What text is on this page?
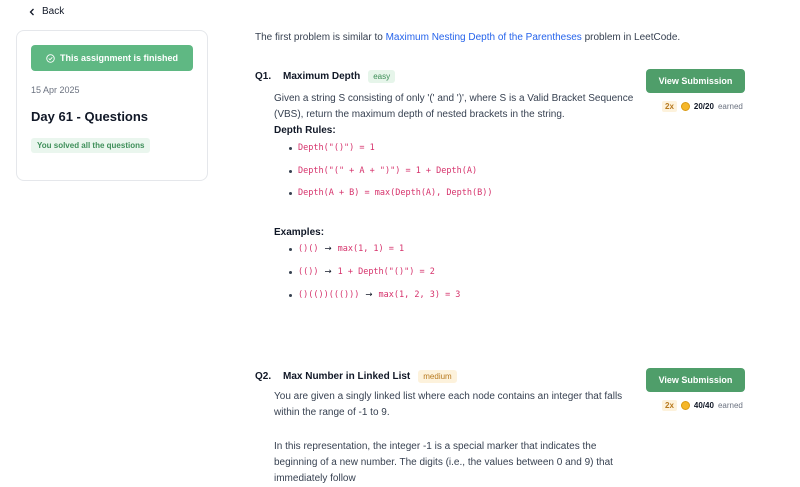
Back
This assignment is finished
15 Apr 2025
Day 61 - Questions
You solved all the questions
The first problem is similar to Maximum Nesting Depth of the Parentheses problem in LeetCode.
Q1.	Maximum Depth	easy	View Submission
2x	20/20 earned
Given a string S consisting of only '(' and ')', where S is a Valid Bracket Sequence (VBS), return the maximum depth of nested brackets in the string.
Depth Rules:
Depth("()") = 1
Depth("(" + A + ")") = 1 + Depth(A)
Depth(A + B) = max(Depth(A), Depth(B))
Examples:
()() → max(1, 1) = 1
(()) → 1 + Depth("()") = 2
()(())((())) → max(1, 2, 3) = 3
Q2.	Max Number in Linked List	medium	View Submission
2x	40/40 earned
You are given a singly linked list where each node contains an integer that falls within the range of -1 to 9.
In this representation, the integer -1 is a special marker that indicates the beginning of a new number. The digits (i.e., the values between 0 and 9) that immediately follow
